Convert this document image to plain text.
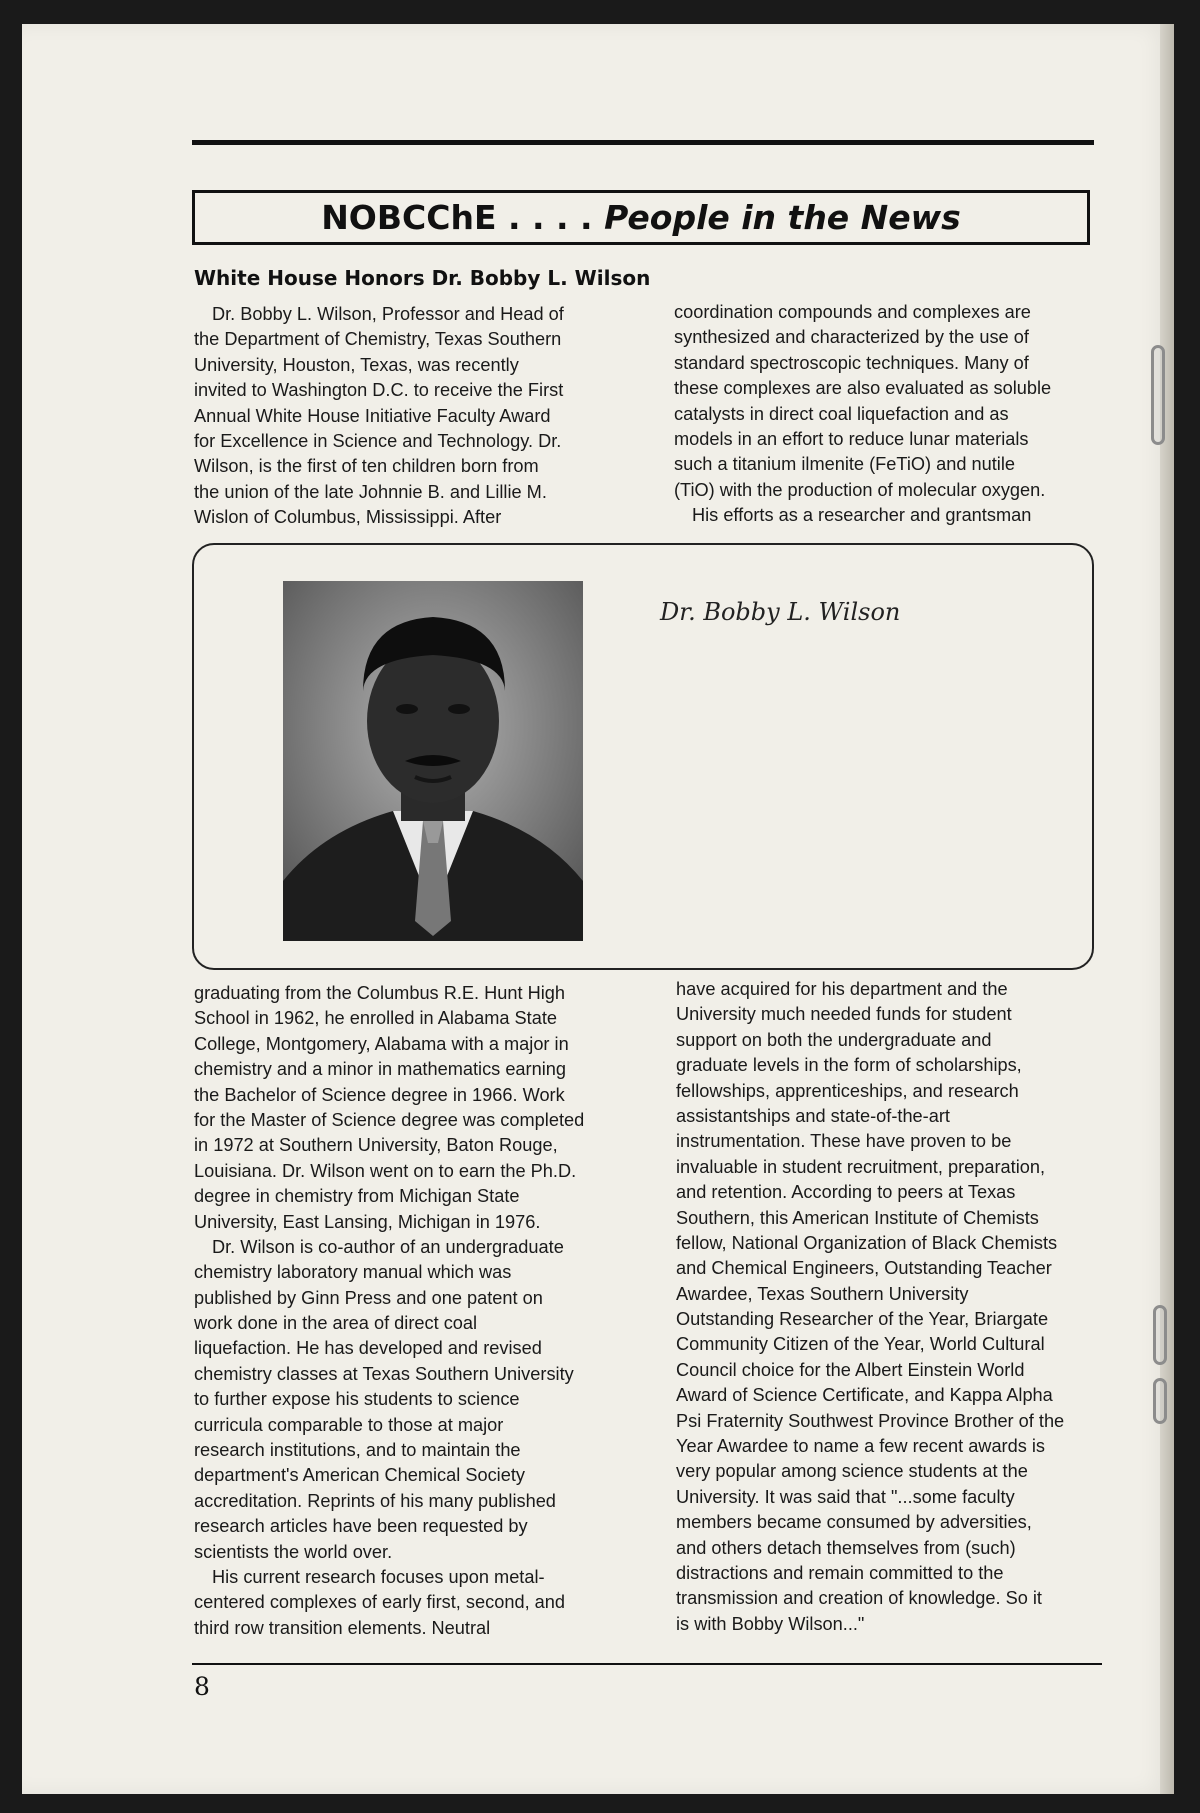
NOBCChE . . . .
People in the News
White House Honors Dr. Bobby L. Wilson
Dr. Bobby L. Wilson, Professor and Head of
the Department of Chemistry, Texas Southern
University, Houston, Texas, was recently
invited to Washington D.C. to receive the First
Annual White House Initiative Faculty Award
for Excellence in Science and Technology. Dr.
Wilson, is the first of ten children born from
the union of the late Johnnie B. and Lillie M.
Wislon of Columbus, Mississippi. After
coordination compounds and complexes are
synthesized and characterized by the use of
standard spectroscopic techniques. Many of
these complexes are also evaluated as soluble
catalysts in direct coal liquefaction and as
models in an effort to reduce lunar materials
such a titanium ilmenite (FeTiO) and nutile
(TiO) with the production of molecular oxygen.
His efforts as a researcher and grantsman
Dr. Bobby L. Wilson
graduating from the Columbus R.E. Hunt High
School in 1962, he enrolled in Alabama State
College, Montgomery, Alabama with a major in
chemistry and a minor in mathematics earning
the Bachelor of Science degree in 1966. Work
for the Master of Science degree was completed
in 1972 at Southern University, Baton Rouge,
Louisiana. Dr. Wilson went on to earn the Ph.D.
degree in chemistry from Michigan State
University, East Lansing, Michigan in 1976.
Dr. Wilson is co-author of an undergraduate
chemistry laboratory manual which was
published by Ginn Press and one patent on
work done in the area of direct coal
liquefaction. He has developed and revised
chemistry classes at Texas Southern University
to further expose his students to science
curricula comparable to those at major
research institutions, and to maintain the
department's American Chemical Society
accreditation. Reprints of his many published
research articles have been requested by
scientists the world over.
His current research focuses upon metal-
centered complexes of early first, second, and
third row transition elements. Neutral
have acquired for his department and the
University much needed funds for student
support on both the undergraduate and
graduate levels in the form of scholarships,
fellowships, apprenticeships, and research
assistantships and state-of-the-art
instrumentation. These have proven to be
invaluable in student recruitment, preparation,
and retention. According to peers at Texas
Southern, this American Institute of Chemists
fellow, National Organization of Black Chemists
and Chemical Engineers, Outstanding Teacher
Awardee, Texas Southern University
Outstanding Researcher of the Year, Briargate
Community Citizen of the Year, World Cultural
Council choice for the Albert Einstein World
Award of Science Certificate, and Kappa Alpha
Psi Fraternity Southwest Province Brother of the
Year Awardee to name a few recent awards is
very popular among science students at the
University. It was said that "...some faculty
members became consumed by adversities,
and others detach themselves from (such)
distractions and remain committed to the
transmission and creation of knowledge. So it
is with Bobby Wilson..."
8
